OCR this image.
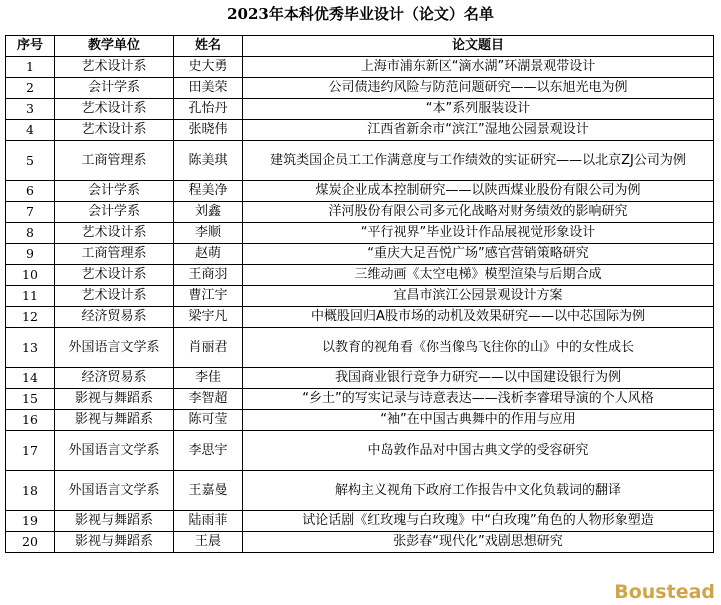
2023年本科优秀毕业设计（论文）名单
序号	教学单位	姓名	论文题目
1	艺术设计系	史大勇	上海市浦东新区“滴水湖”环湖景观带设计
2	会计学系	田美荣	公司债违约风险与防范问题研究——以东旭光电为例
3	艺术设计系	孔怡丹	“本”系列服装设计
4	艺术设计系	张晓伟	江西省新余市“滨江”湿地公园景观设计
5	工商管理系	陈美琪	建筑类国企员工工作满意度与工作绩效的实证研究——以北京ZJ公司为例
6	会计学系	程美净	煤炭企业成本控制研究——以陕西煤业股份有限公司为例
7	会计学系	刘鑫	洋河股份有限公司多元化战略对财务绩效的影响研究
8	艺术设计系	李顺	“平行视界”毕业设计作品展视觉形象设计
9	工商管理系	赵萌	“重庆大足吾悦广场”感官营销策略研究
10	艺术设计系	王商羽	三维动画《太空电梯》模型渲染与后期合成
11	艺术设计系	曹江宇	宜昌市滨江公园景观设计方案
12	经济贸易系	梁宇凡	中概股回归A股市场的动机及效果研究——以中芯国际为例
13	外国语言文学系	肖丽君	以教育的视角看《你当像鸟飞往你的山》中的女性成长
14	经济贸易系	李佳	我国商业银行竞争力研究——以中国建设银行为例
15	影视与舞蹈系	李智超	“乡土”的写实记录与诗意表达——浅析李睿珺导演的个人风格
16	影视与舞蹈系	陈可莹	“袖”在中国古典舞中的作用与应用
17	外国语言文学系	李思宇	中岛敦作品对中国古典文学的受容研究
18	外国语言文学系	王嘉曼	解构主义视角下政府工作报告中文化负载词的翻译
19	影视与舞蹈系	陆雨菲	试论话剧《红玫瑰与白玫瑰》中“白玫瑰”角色的人物形象塑造
20	影视与舞蹈系	王晨	张彭春“现代化”戏剧思想研究
Boustead
